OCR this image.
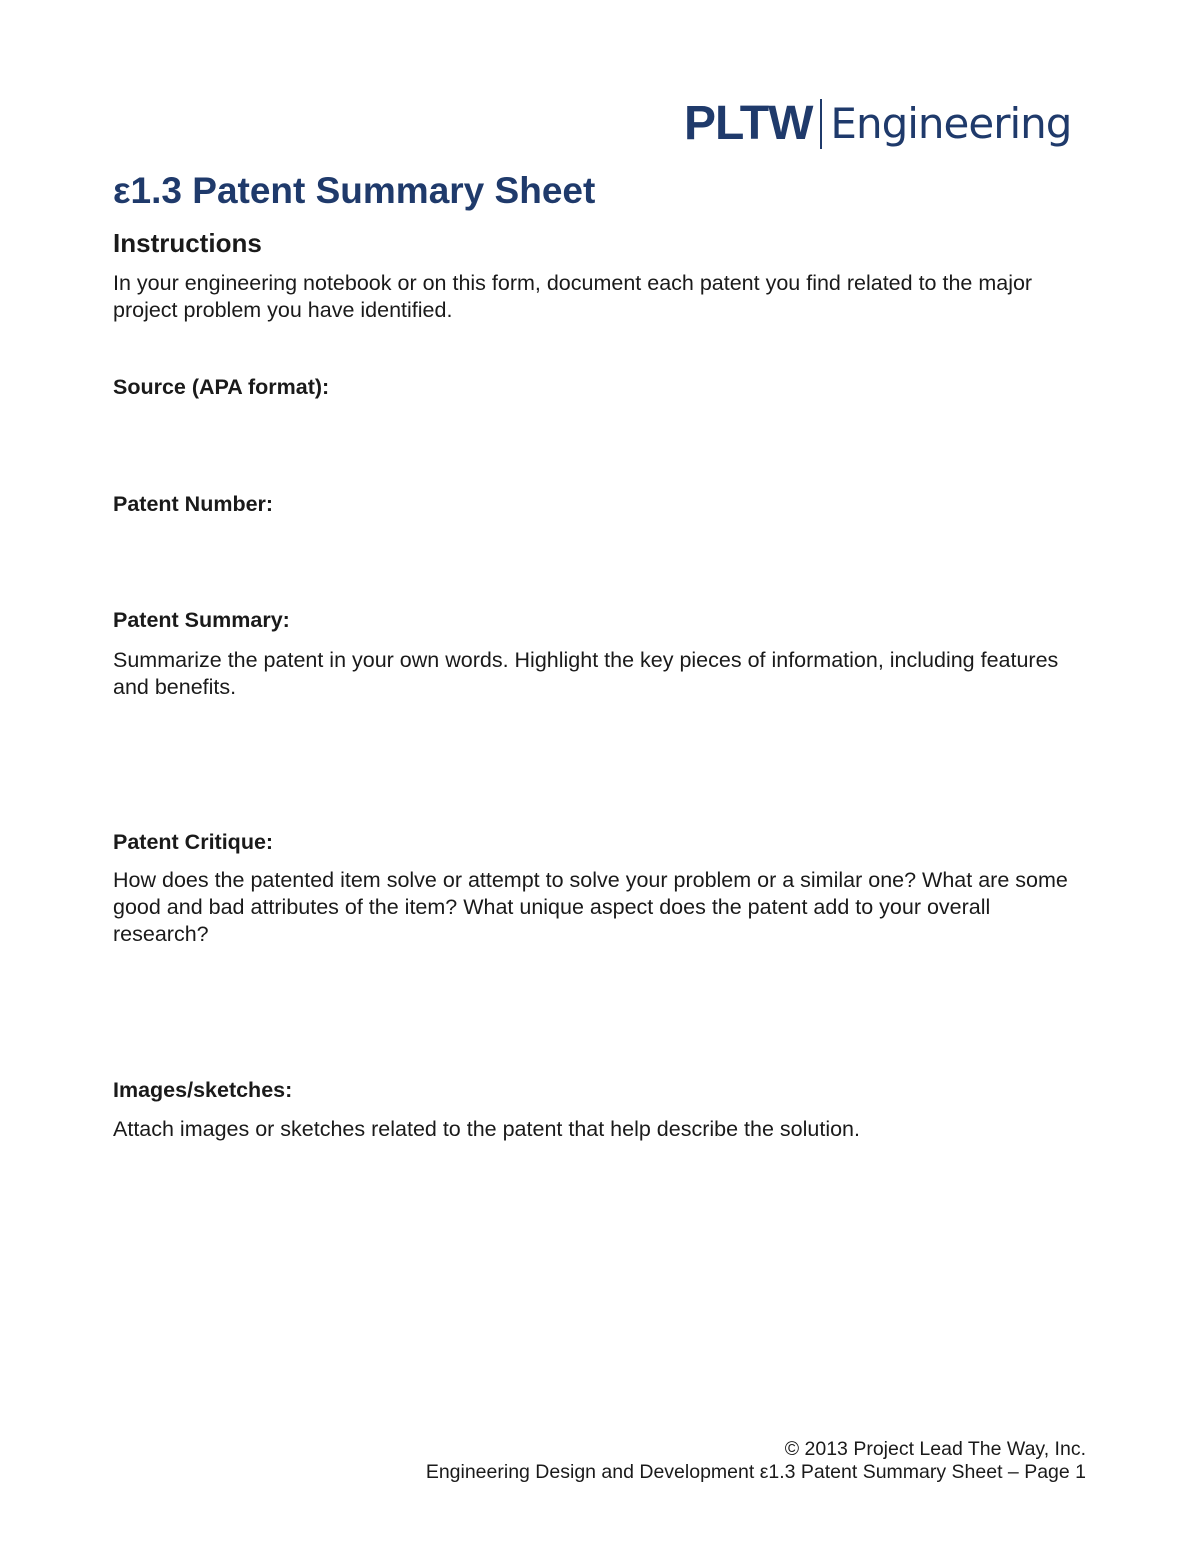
PLTW Engineering
ε1.3 Patent Summary Sheet
Instructions

In your engineering notebook or on this form, document each patent you find related to the major project problem you have identified.

Source (APA format):

Patent Number:

Patent Summary:

Summarize the patent in your own words. Highlight the key pieces of information, including features and benefits.

Patent Critique:

How does the patented item solve or attempt to solve your problem or a similar one? What are some good and bad attributes of the item? What unique aspect does the patent add to your overall research?

Images/sketches:

Attach images or sketches related to the patent that help describe the solution.

© 2013 Project Lead The Way, Inc.

Engineering Design and Development ε1.3 Patent Summary Sheet – Page 1
